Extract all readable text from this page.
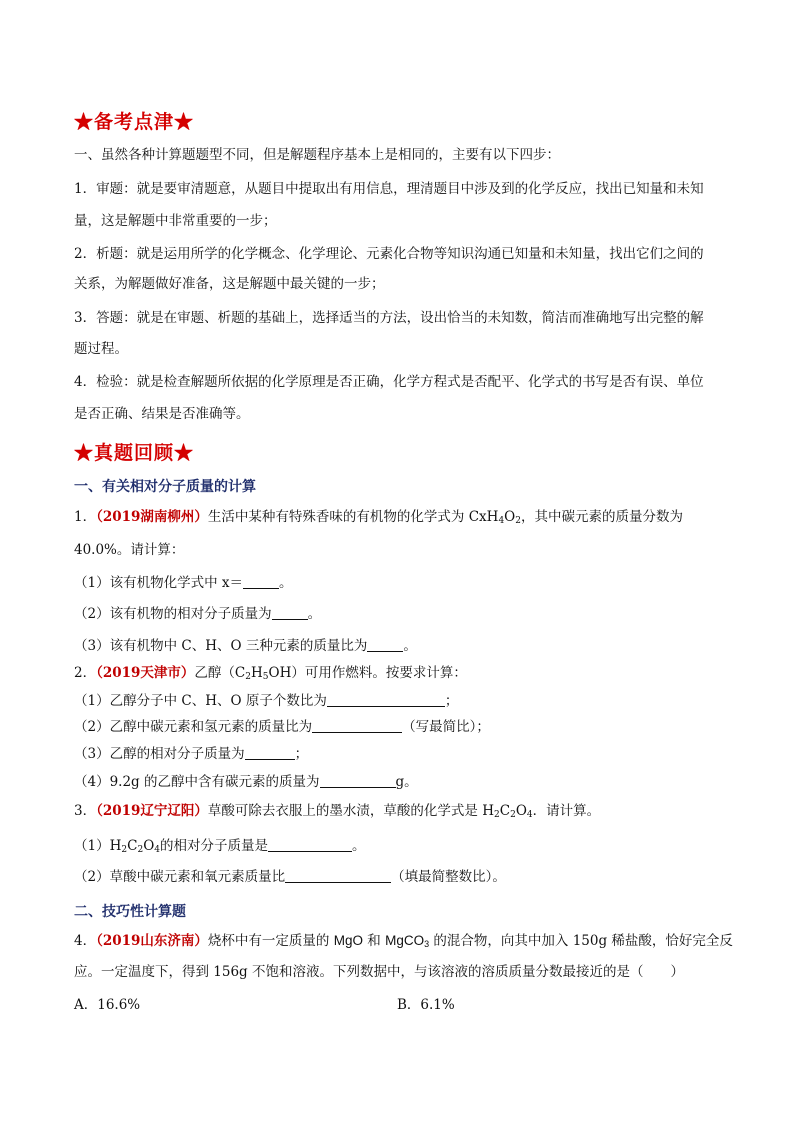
★备考点津★
一、虽然各种计算题题型不同，但是解题程序基本上是相同的，主要有以下四步：
1．审题：就是要审清题意，从题目中提取出有用信息，理清题目中涉及到的化学反应，找出已知量和未知
量，这是解题中非常重要的一步；
2．析题：就是运用所学的化学概念、化学理论、元素化合物等知识沟通已知量和未知量，找出它们之间的
关系，为解题做好准备，这是解题中最关键的一步；
3．答题：就是在审题、析题的基础上，选择适当的方法，设出恰当的未知数，简洁而准确地写出完整的解
题过程。
4．检验：就是检查解题所依据的化学原理是否正确，化学方程式是否配平、化学式的书写是否有误、单位
是否正确、结果是否准确等。
★真题回顾★
一、有关相对分子质量的计算
1．（2019湖南柳州）生活中某种有特殊香味的有机物的化学式为 $CxH_4O_2$，其中碳元素的质量分数为
40.0%。请计算：
（1）该有机物化学式中 x＝	。
（2）该有机物的相对分子质量为	。
（3）该有机物中 C、H、O 三种元素的质量比为	。
2．（2019天津市）乙醇$(C_2H_5OH)$可用作燃料。按要求计算：
（1）乙醇分子中 C、H、O 原子个数比为	；
（2）乙醇中碳元素和氢元素的质量比为	（写最简比）；
（3）乙醇的相对分子质量为	；
（4）9.2g 的乙醇中含有碳元素的质量为	g。
3．（2019辽宁辽阳）草酸可除去衣服上的墨水渍，草酸的化学式是 $H_2C_2O_4$．请计算。
$(1)H_2C_2O_4$的相对分子质量是	。
（2）草酸中碳元素和氧元素质量比	（填最简整数比）。
二、技巧性计算题
4．（2019山东济南）烧杯中有一定质量的 MgO 和 MgCO$_3$ 的混合物，向其中加入 150g 稀盐酸，恰好完全反
应。一定温度下，得到 156g 不饱和溶液。下列数据中，与该溶液的溶质质量分数最接近的是（　　）
A．16.6%	B．6.1%
